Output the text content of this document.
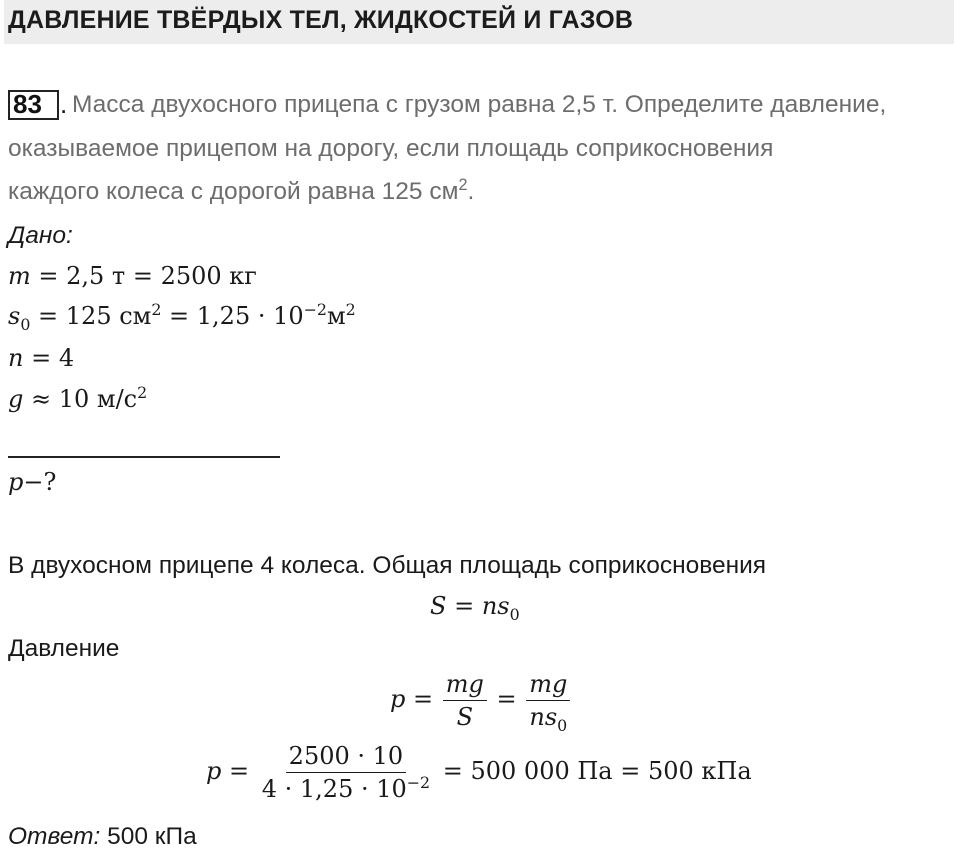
ДАВЛЕНИЕ ТВЁРДЫХ ТЕЛ, ЖИДКОСТЕЙ И ГАЗОВ
83 . Масса двухосного прицепа с грузом равна 2,5 т. Определите давление,
оказываемое прицепом на дорогу, если площадь соприкосновения
каждого колеса с дорогой равна 125 $см^2$.
Дано:
m = 2,5 т = 2500 кг
$s_0 = 125$ $см^2 = 1,25 \cdot 10^{-2}м^2$
n = 4
g ≈ 10 $м/с^2$
p−?
В двухосном прицепе 4 колеса. Общая площадь соприкосновения
$S = ns_0$
Давление
$p = \frac{mg}{S} = \frac{mg}{ns_0}$
$p = \frac{2500 \cdot 10}{4 \cdot 1,25 \cdot 10^{-2}} = 500$ 000 Па = 500 кПа
Ответ: 500 кПа
